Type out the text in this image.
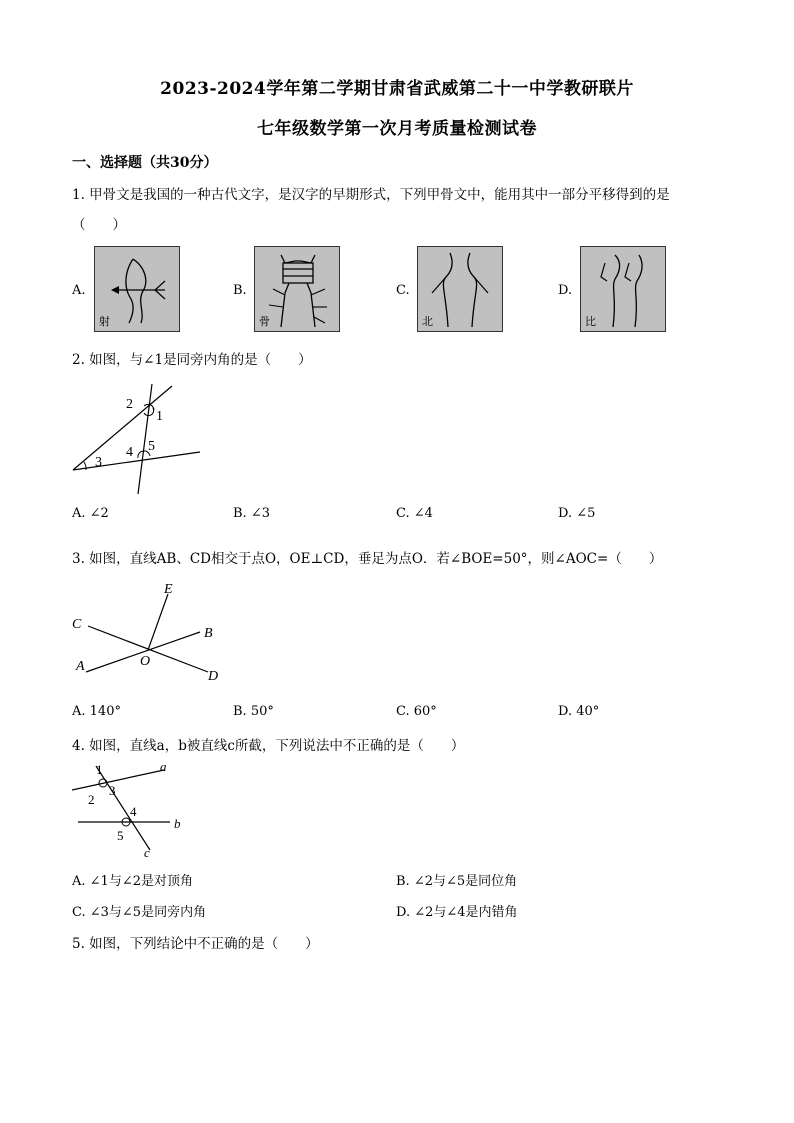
2023-2024学年第二学期甘肃省武威第二十一中学教研联片
七年级数学第一次月考质量检测试卷
一、选择题（共30分）
1. 甲骨文是我国的一种古代文字，是汉字的早期形式，下列甲骨文中，能用其中一部分平移得到的是
（　　）
A.
射
B.
骨
C.
北
D.
比
2. 如图，与∠1是同旁内角的是（　　）
2
1
4 5
3
A. ∠2	B. ∠3	C. ∠4	D. ∠5
3. 如图，直线AB、CD相交于点O，OE⊥CD，垂足为点O．若∠BOE=50°，则∠AOC=（　　）
E
C
B
O
A
D
A. 140°	B. 50°	C. 60°	D. 40°
4. 如图，直线a，b被直线c所截，下列说法中不正确的是（　　）
1	a
2
3
4
b
5
c
A. ∠1与∠2是对顶角	B. ∠2与∠5是同位角
C. ∠3与∠5是同旁内角	D. ∠2与∠4是内错角
5. 如图，下列结论中不正确的是（　　）
